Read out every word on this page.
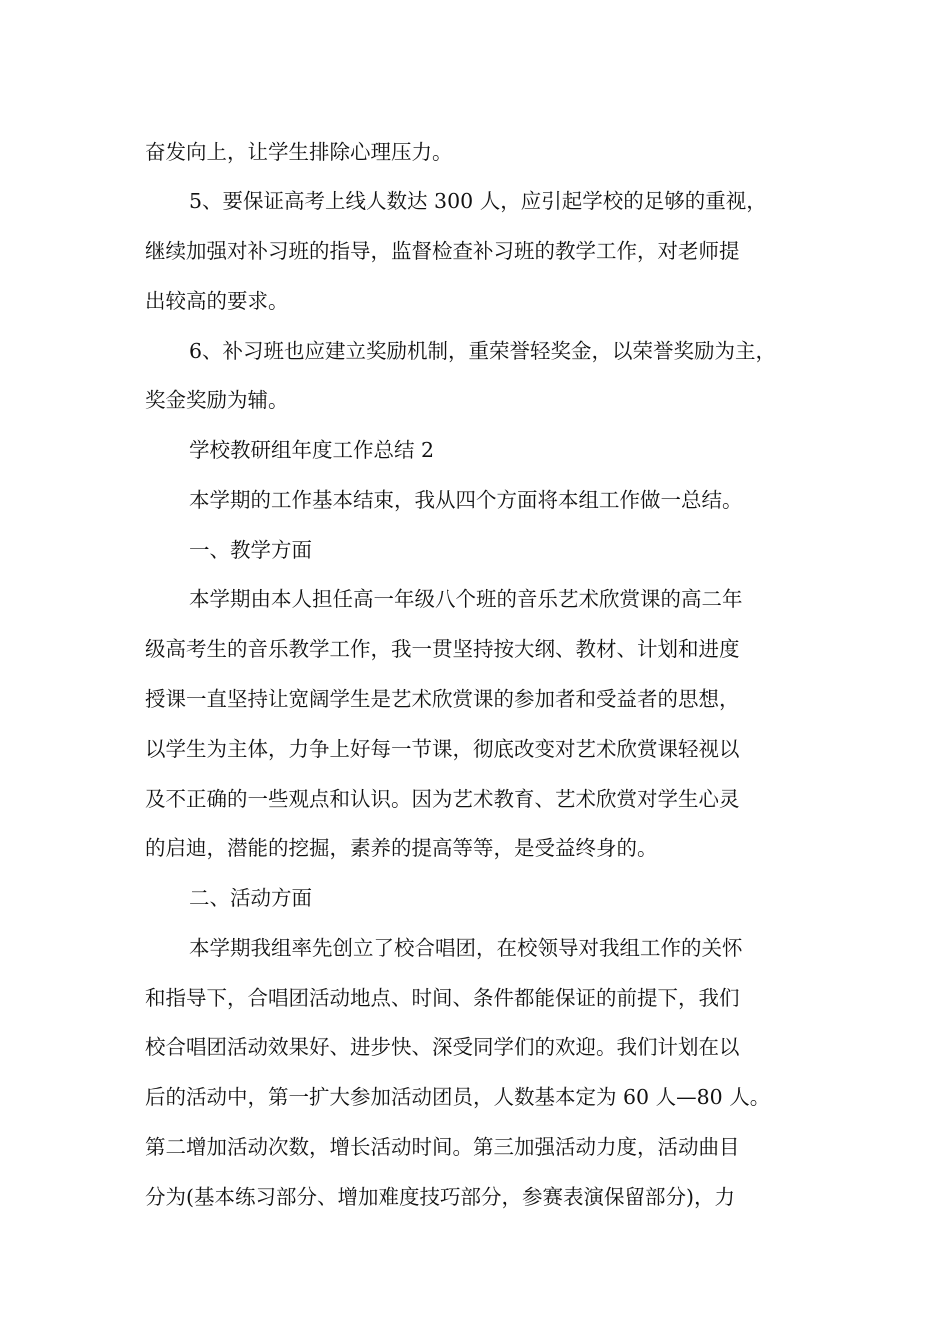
奋发向上，让学生排除心理压力。
5、要保证高考上线人数达 300 人，应引起学校的足够的重视，
继续加强对补习班的指导，监督检查补习班的教学工作，对老师提
出较高的要求。
6、补习班也应建立奖励机制，重荣誉轻奖金，以荣誉奖励为主，
奖金奖励为辅。
学校教研组年度工作总结 2
本学期的工作基本结束，我从四个方面将本组工作做一总结。
一、教学方面
本学期由本人担任高一年级八个班的音乐艺术欣赏课的高二年
级高考生的音乐教学工作，我一贯坚持按大纲、教材、计划和进度
授课一直坚持让宽阔学生是艺术欣赏课的参加者和受益者的思想，
以学生为主体，力争上好每一节课，彻底改变对艺术欣赏课轻视以
及不正确的一些观点和认识。因为艺术教育、艺术欣赏对学生心灵
的启迪，潜能的挖掘，素养的提高等等，是受益终身的。
二、活动方面
本学期我组率先创立了校合唱团，在校领导对我组工作的关怀
和指导下，合唱团活动地点、时间、条件都能保证的前提下，我们
校合唱团活动效果好、进步快、深受同学们的欢迎。我们计划在以
后的活动中，第一扩大参加活动团员，人数基本定为 60 人—80 人。
第二增加活动次数，增长活动时间。第三加强活动力度，活动曲目
分为(基本练习部分、增加难度技巧部分，参赛表演保留部分)，力
